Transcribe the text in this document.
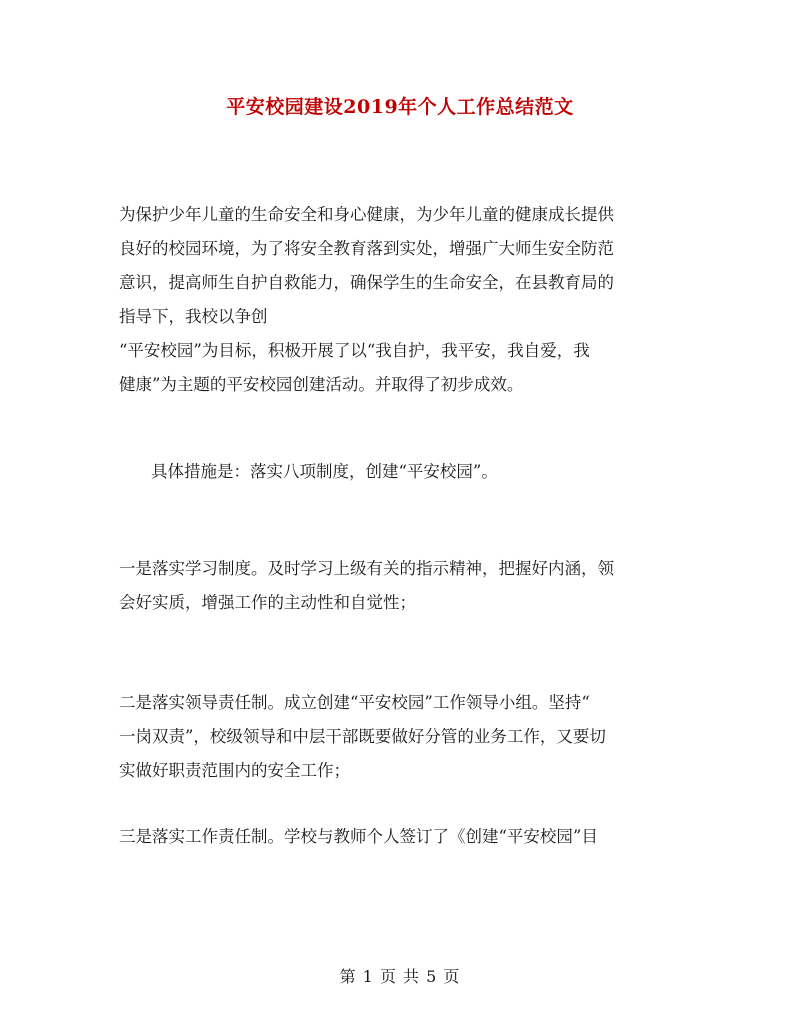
平安校园建设2019年个人工作总结范文

为保护少年儿童的生命安全和身心健康，为少年儿童的健康成长提供
良好的校园环境，为了将安全教育落到实处，增强广大师生安全防范
意识，提高师生自护自救能力，确保学生的生命安全，在县教育局的
指导下，我校以争创
“平安校园”为目标，积极开展了以“我自护，我平安，我自爱，我
健康”为主题的平安校园创建活动。并取得了初步成效。

具体措施是：落实八项制度，创建“平安校园”。

一是落实学习制度。及时学习上级有关的指示精神，把握好内涵，领
会好实质，增强工作的主动性和自觉性；

二是落实领导责任制。成立创建“平安校园”工作领导小组。坚持“
一岗双责”，校级领导和中层干部既要做好分管的业务工作，又要切
实做好职责范围内的安全工作；

三是落实工作责任制。学校与教师个人签订了《创建“平安校园”目

第 1 页 共 5 页
